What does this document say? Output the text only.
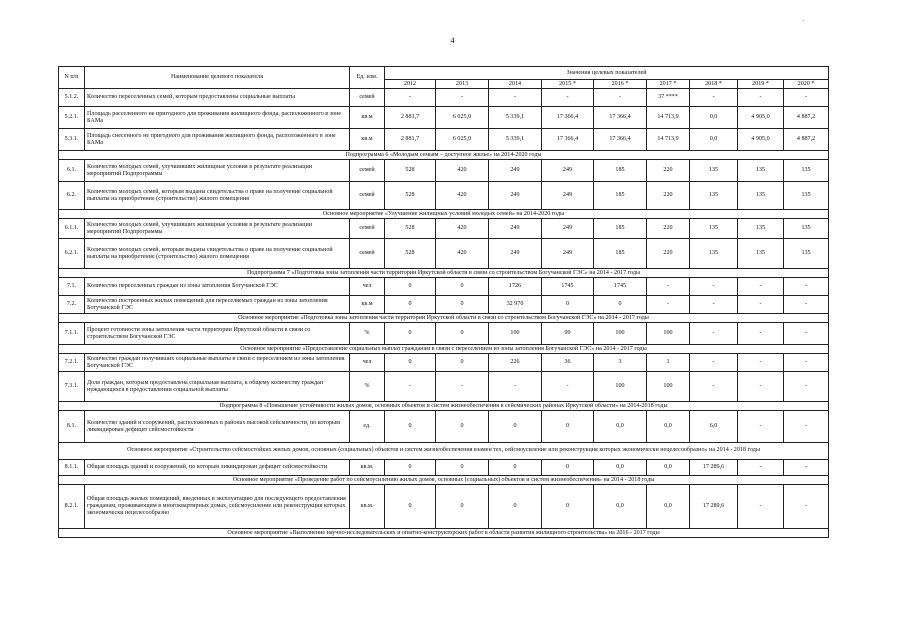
·
4
N п/п	Наименование целевого показателя	Ед. изм.	Значения целевых показателей								
			2012	2013	2014	2015 *	2016 *	2017 *	2018 *	2019 *	2020 *
5.1.2.	Количество переселенных семей, которым предоставлены социальные выплаты	семей	-	-	-	-	-	37 ****	-	-	-
5.2.1.	Площадь расселенного не пригодного для проживания жилищного фонда, расположенного в зоне БАМа	кв.м	2 881,7	6 025,0	5 339,1	17 366,4	17 366,4	14 713,9	0,0	4 905,0	4 887,2
5.3.1.	Площадь снесенного не пригодного для проживания жилищного фонда, расположенного в зоне БАМа	кв.м	2 881,7	6 025,0	5 339,1	17 366,4	17 366,4	14 713,9	0,0	4 905,0	4 887,2
Подпрограмма 6 «Молодым семьям – доступное жилье» на 2014-2020 годы											
6.1.	Количество молодых семей, улучшивших жилищные условия в результате реализации мероприятий Подпрограммы	семей	528	420	249	249	185	220	135	135	135
6.2.	Количество молодых семей, которым выданы свидетельства о праве на получение социальной выплаты на приобретение (строительство) жилого помещения	семей	528	420	249	249	185	220	135	135	135
Основное мероприятие «Улучшение жилищных условий молодых семей» на 2014-2020 годы											
6.1.1.	Количество молодых семей, улучшивших жилищные условия в результате реализации мероприятий Подпрограммы	семей	528	420	249	249	185	220	135	135	135
6.2.1.	Количество молодых семей, которым выданы свидетельства о праве на получение социальной выплаты на приобретение (строительство) жилого помещения	семей	528	420	249	249	185	220	135	135	135
Подпрограмма 7 «Подготовка зоны затопления части территории Иркутской области в связи со строительством Богучанской ГЭС» на 2014 - 2017 годы											
7.1.	Количество переселенных граждан из зоны затопления Богучанской ГЭС	чел	0	0	1726	1745	1745	-	-	-	-
7.2.	Количество построенных жилых помещений для переселяемых граждан из зоны затопления Богучанской ГЭС	кв.м	0	0	32 970	0	0	-	-	-	-
Основное мероприятие «Подготовка зоны затопления части территории Иркутской области в связи со строительством Богучанской ГЭС» на 2014 - 2017 годы											
7.1.1.	Процент готовности зоны затопления части территории Иркутской области в связи со строительством Богучанской ГЭС	%	0	0	100	99	100	100	-	-	-
Основное мероприятие «Предоставление социальных выплат гражданам в связи с переселением из зоны затопления Богучанской ГЭС» на 2014 - 2017 годы											
7.2.1.	Количество граждан получивших социальные выплаты в связи с переселением из зоны затопления Богучанской ГЭС	чел	0	0	226	36	3	1	-	-	-
7.3.1.	Доля граждан, которым предоставлена социальная выплата, к общему количеству граждан нуждающихся в предоставлении социальной выплаты	%	-	-	-	-	100	100	-	-	-
Подпрограмма 8 «Повышение устойчивости жилых домов, основных объектов и систем жизнеобеспечения в сейсмических районах Иркутской области» на 2014-2018 годы											
8.1.	Количество зданий и сооружений, расположенных в районах высокой сейсмичности, по которым ликвидирован дефицит сейсмостойкости	ед.	0	0	0	0	0,0	0,0	6,0	-	-
Основное мероприятие «Строительство сейсмостойких жилых домов, основных (социальных) объектов и систем жизнеобеспечения взамен тех, сейсмоусиление или реконструкция которых экономически нецелесообразно» на 2014 - 2018 годы											
8.1.1.	Общая площадь зданий и сооружений, по которым ликвидирован дефицит сейсмостойкости	кв.м.	0	0	0	0	0,0	0,0	17 289,6	-	-
Основное мероприятие «Проведение работ по сейсмоусилению жилых домов, основных (социальных) объектов и систем жизнеобеспечения» на 2014 - 2018 годы											
8.2.1.	Общая площадь жилых помещений, введенных в эксплуатацию для последующего предоставления гражданам, проживающим в многоквартирных домах, сейсмоусиление или реконструкция которых экономически нецелесообразно	кв.м.	0	0	0	0	0,0	0,0	17 289,6	-	-
Основное мероприятие «Выполнение научно-исследовательских и опытно-конструкторских работ в области развития жилищного строительства» на 2016 - 2017 годы											
